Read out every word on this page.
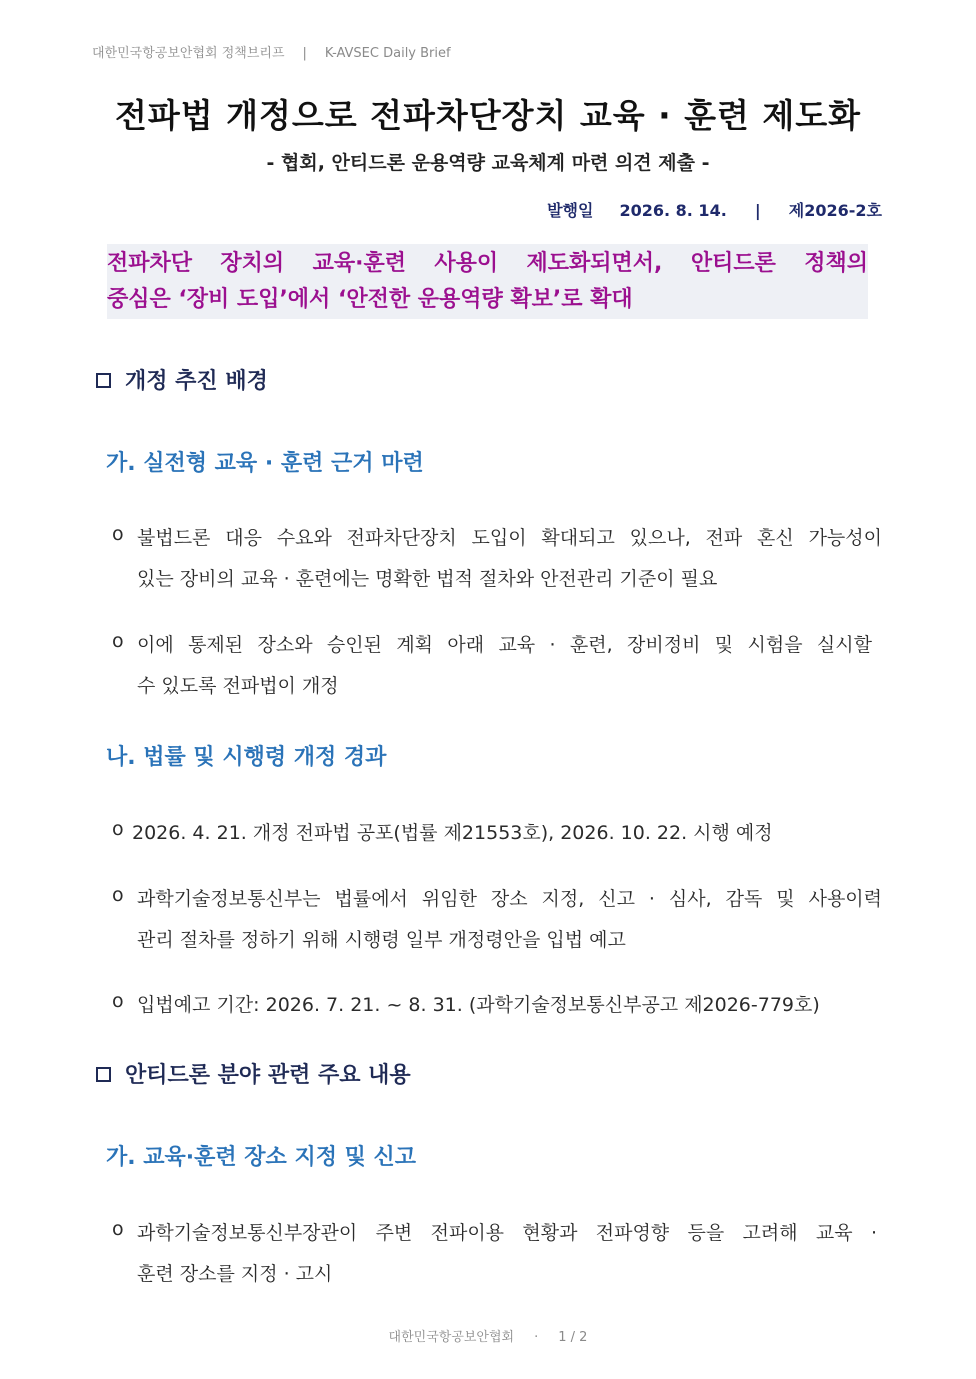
대한민국항공보안협회 정책브리프 | K-AVSEC Daily Brief
전파법 개정으로 전파차단장치 교육 · 훈련 제도화
- 협회, 안티드론 운용역량 교육체계 마련 의견 제출 -
발행일 2026. 8. 14. | 제2026-2호
전파차단 장치의 교육·훈련 사용이 제도화되면서, 안티드론 정책의
중심은 ‘장비 도입’에서 ‘안전한 운용역량 확보’로 확대
개정 추진 배경
가. 실전형 교육 · 훈련 근거 마련
o 불법드론 대응 수요와 전파차단장치 도입이 확대되고 있으나, 전파 혼신 가능성이
있는 장비의 교육 · 훈련에는 명확한 법적 절차와 안전관리 기준이 필요
o 이에 통제된 장소와 승인된 계획 아래 교육 · 훈련, 장비정비 및 시험을 실시할
수 있도록 전파법이 개정
나. 법률 및 시행령 개정 경과
o 2026. 4. 21. 개정 전파법 공포(법률 제21553호), 2026. 10. 22. 시행 예정
o 과학기술정보통신부는 법률에서 위임한 장소 지정, 신고 · 심사, 감독 및 사용이력
관리 절차를 정하기 위해 시행령 일부 개정령안을 입법 예고
o 입법예고 기간: 2026. 7. 21. ~ 8. 31. (과학기술정보통신부공고 제2026-779호)
안티드론 분야 관련 주요 내용
가. 교육·훈련 장소 지정 및 신고
o 과학기술정보통신부장관이 주변 전파이용 현황과 전파영향 등을 고려해 교육 ·
훈련 장소를 지정 · 고시
대한민국항공보안협회 · 1 / 2
